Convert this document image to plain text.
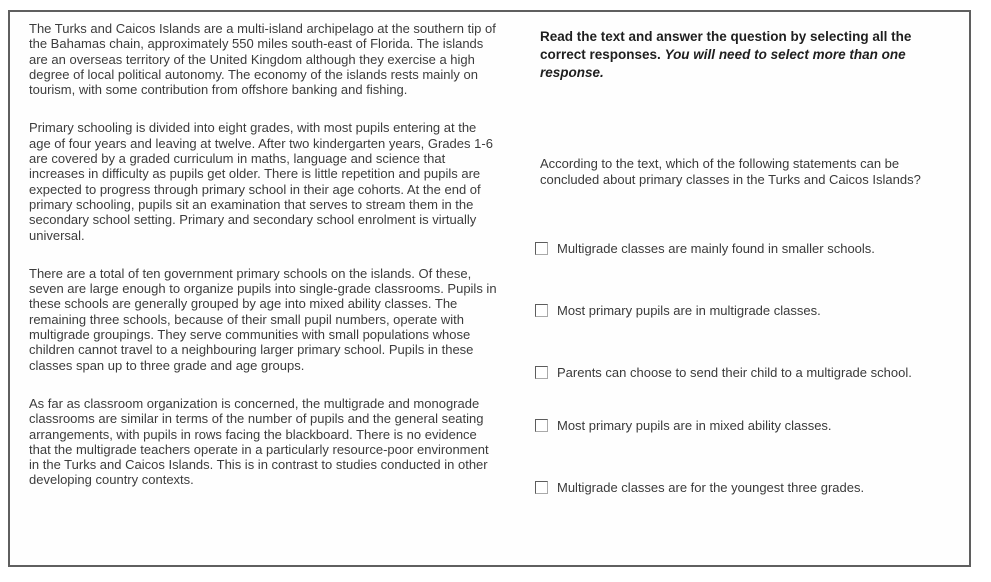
The Turks and Caicos Islands are a multi-island archipelago at the southern tip of the Bahamas chain, approximately 550 miles south-east of Florida. The islands are an overseas territory of the United Kingdom although they exercise a high degree of local political autonomy. The economy of the islands rests mainly on tourism, with some contribution from offshore banking and fishing.

Primary schooling is divided into eight grades, with most pupils entering at the age of four years and leaving at twelve. After two kindergarten years, Grades 1-6 are covered by a graded curriculum in maths, language and science that increases in difficulty as pupils get older. There is little repetition and pupils are expected to progress through primary school in their age cohorts. At the end of primary schooling, pupils sit an examination that serves to stream them in the secondary school setting. Primary and secondary school enrolment is virtually universal.

There are a total of ten government primary schools on the islands. Of these, seven are large enough to organize pupils into single-grade classrooms. Pupils in these schools are generally grouped by age into mixed ability classes. The remaining three schools, because of their small pupil numbers, operate with multigrade groupings. They serve communities with small populations whose children cannot travel to a neighbouring larger primary school. Pupils in these classes span up to three grade and age groups.

As far as classroom organization is concerned, the multigrade and monograde classrooms are similar in terms of the number of pupils and the general seating arrangements, with pupils in rows facing the blackboard. There is no evidence that the multigrade teachers operate in a particularly resource-poor environment in the Turks and Caicos Islands. This is in contrast to studies conducted in other developing country contexts.

Read the text and answer the question by selecting all the correct responses. You will need to select more than one response.
According to the text, which of the following statements can be concluded about primary classes in the Turks and Caicos Islands?
Multigrade classes are mainly found in smaller schools.
Most primary pupils are in multigrade classes.
Parents can choose to send their child to a multigrade school.
Most primary pupils are in mixed ability classes.
Multigrade classes are for the youngest three grades.
